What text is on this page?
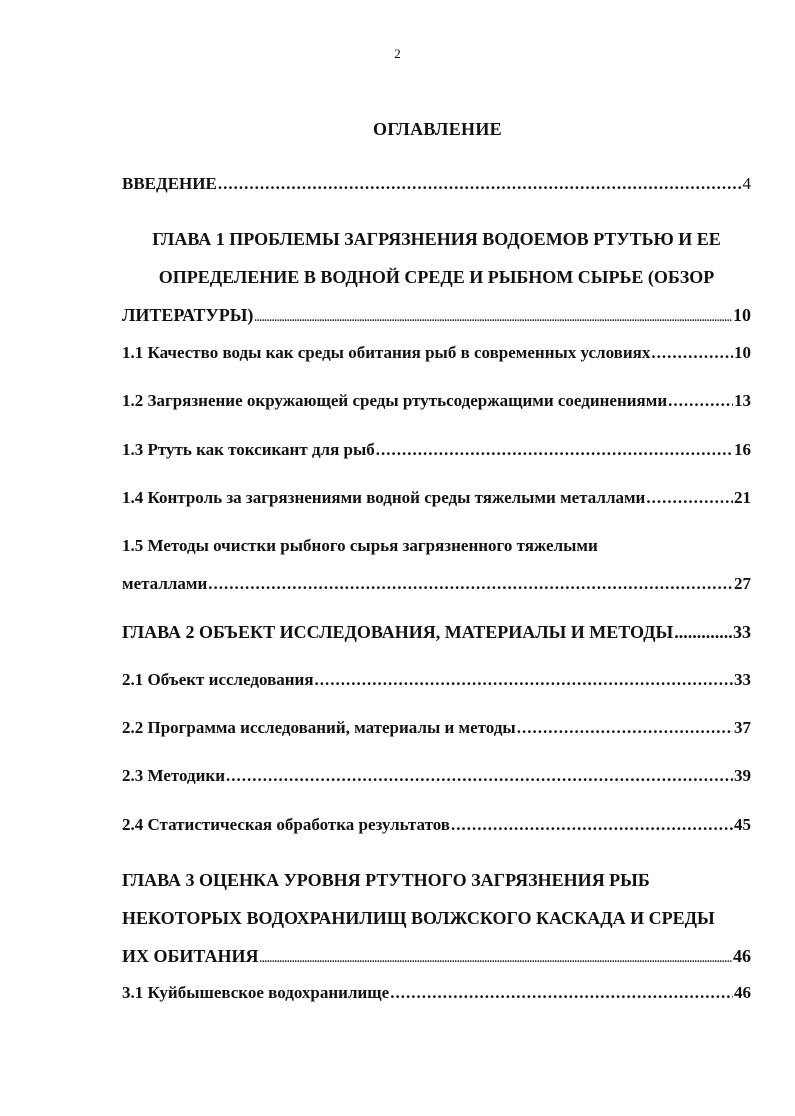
2
ОГЛАВЛЕНИЕ
ВВЕДЕНИЕ .....	4
ГЛАВА 1 ПРОБЛЕМЫ ЗАГРЯЗНЕНИЯ ВОДОЕМОВ РТУТЬЮ И ЕЕ
ОПРЕДЕЛЕНИЕ В ВОДНОЙ СРЕДЕ И РЫБНОМ СЫРЬЕ (ОБЗОР
ЛИТЕРАТУРЫ) .....	10
1.1 Качество воды как среды обитания рыб в современных условиях .....	10
1.2 Загрязнение окружающей среды ртутьсодержащими соединениями .....	13
1.3 Ртуть как токсикант для рыб .....	16
1.4 Контроль за загрязнениями водной среды тяжелыми металлами .....	21
1.5 Методы очистки рыбного сырья загрязненного тяжелыми
металлами .....	27
ГЛАВА 2 ОБЪЕКТ ИССЛЕДОВАНИЯ, МАТЕРИАЛЫ И МЕТОДЫ .....	33
2.1 Объект исследования .....	33
2.2 Программа исследований, материалы и методы .....	37
2.3 Методики .....	39
2.4 Статистическая обработка результатов .....	45
ГЛАВА 3 ОЦЕНКА УРОВНЯ РТУТНОГО ЗАГРЯЗНЕНИЯ РЫБ
НЕКОТОРЫХ ВОДОХРАНИЛИЩ ВОЛЖСКОГО КАСКАДА И СРЕДЫ
ИХ ОБИТАНИЯ .....	46
3.1 Куйбышевское водохранилище .....	46
